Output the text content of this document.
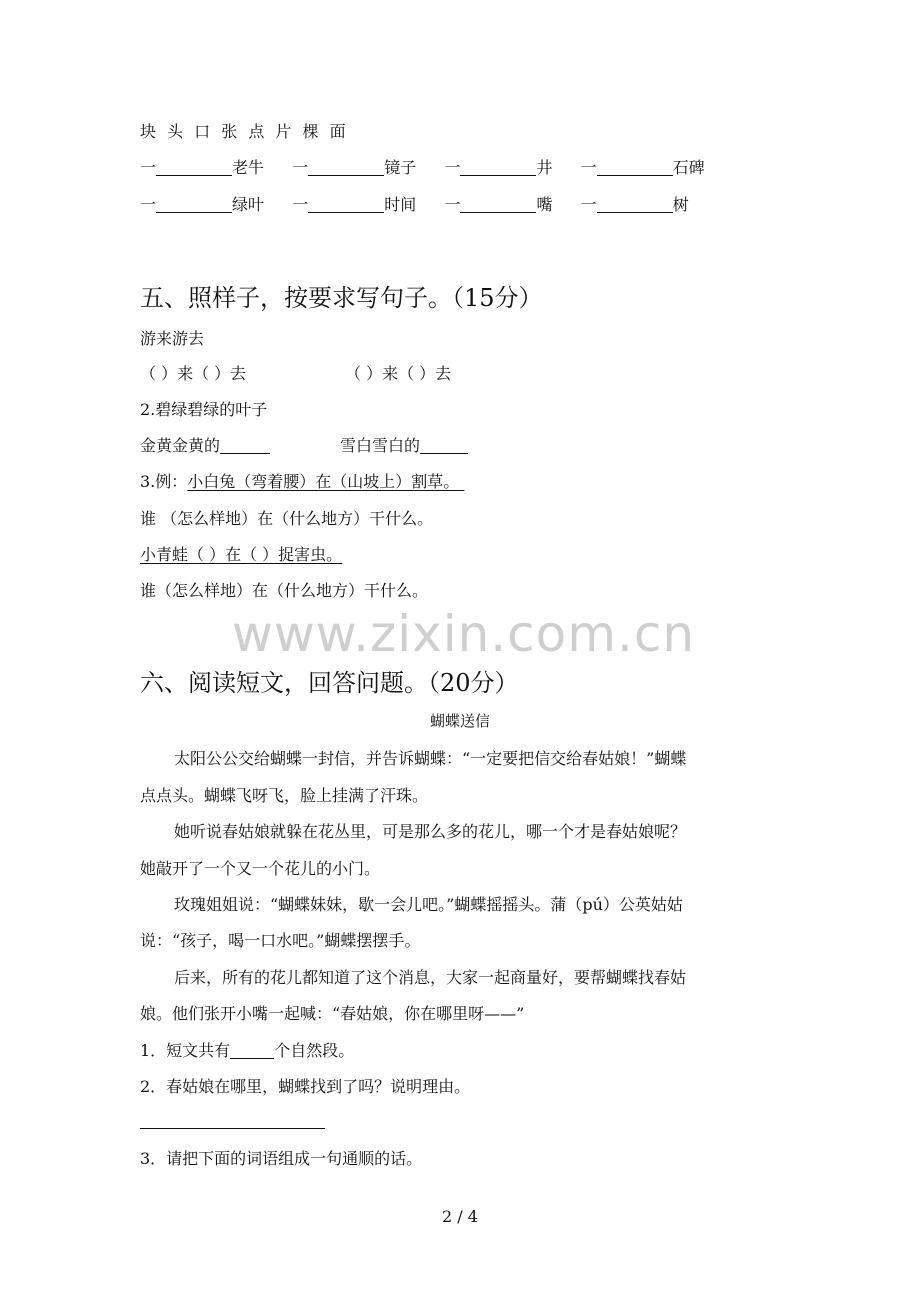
块 头 口 张 点 片 棵 面
一	老牛 一	镜子 一	井 一	石碑
一	绿叶 一	时间 一	嘴 一	树
五、照样子，按要求写句子。（15分）
游来游去
（ ）来（ ）去	（ ）来（ ）去
2.碧绿碧绿的叶子
金黄金黄的	雪白雪白的
3.例：小白兔（弯着腰）在（山坡上）割草。
谁 （怎么样地）在（什么地方）干什么。
小青蛙（ ）在（ ）捉害虫。
谁（怎么样地）在（什么地方）干什么。
www.zixin.com.cn
六、阅读短文，回答问题。（20分）
蝴蝶送信
太阳公公交给蝴蝶一封信，并告诉蝴蝶：“一定要把信交给春姑娘！”蝴蝶
点点头。蝴蝶飞呀飞，脸上挂满了汗珠。
她听说春姑娘就躲在花丛里，可是那么多的花儿，哪一个才是春姑娘呢？
她敲开了一个又一个花儿的小门。
玫瑰姐姐说：“蝴蝶妹妹，歇一会儿吧。”蝴蝶摇摇头。蒲（pú）公英姑姑
说：“孩子，喝一口水吧。”蝴蝶摆摆手。
后来，所有的花儿都知道了这个消息，大家一起商量好，要帮蝴蝶找春姑
娘。他们张开小嘴一起喊：“春姑娘，你在哪里呀——”
1．短文共有	个自然段。
2．春姑娘在哪里，蝴蝶找到了吗？说明理由。
3．请把下面的词语组成一句通顺的话。
2 / 4
